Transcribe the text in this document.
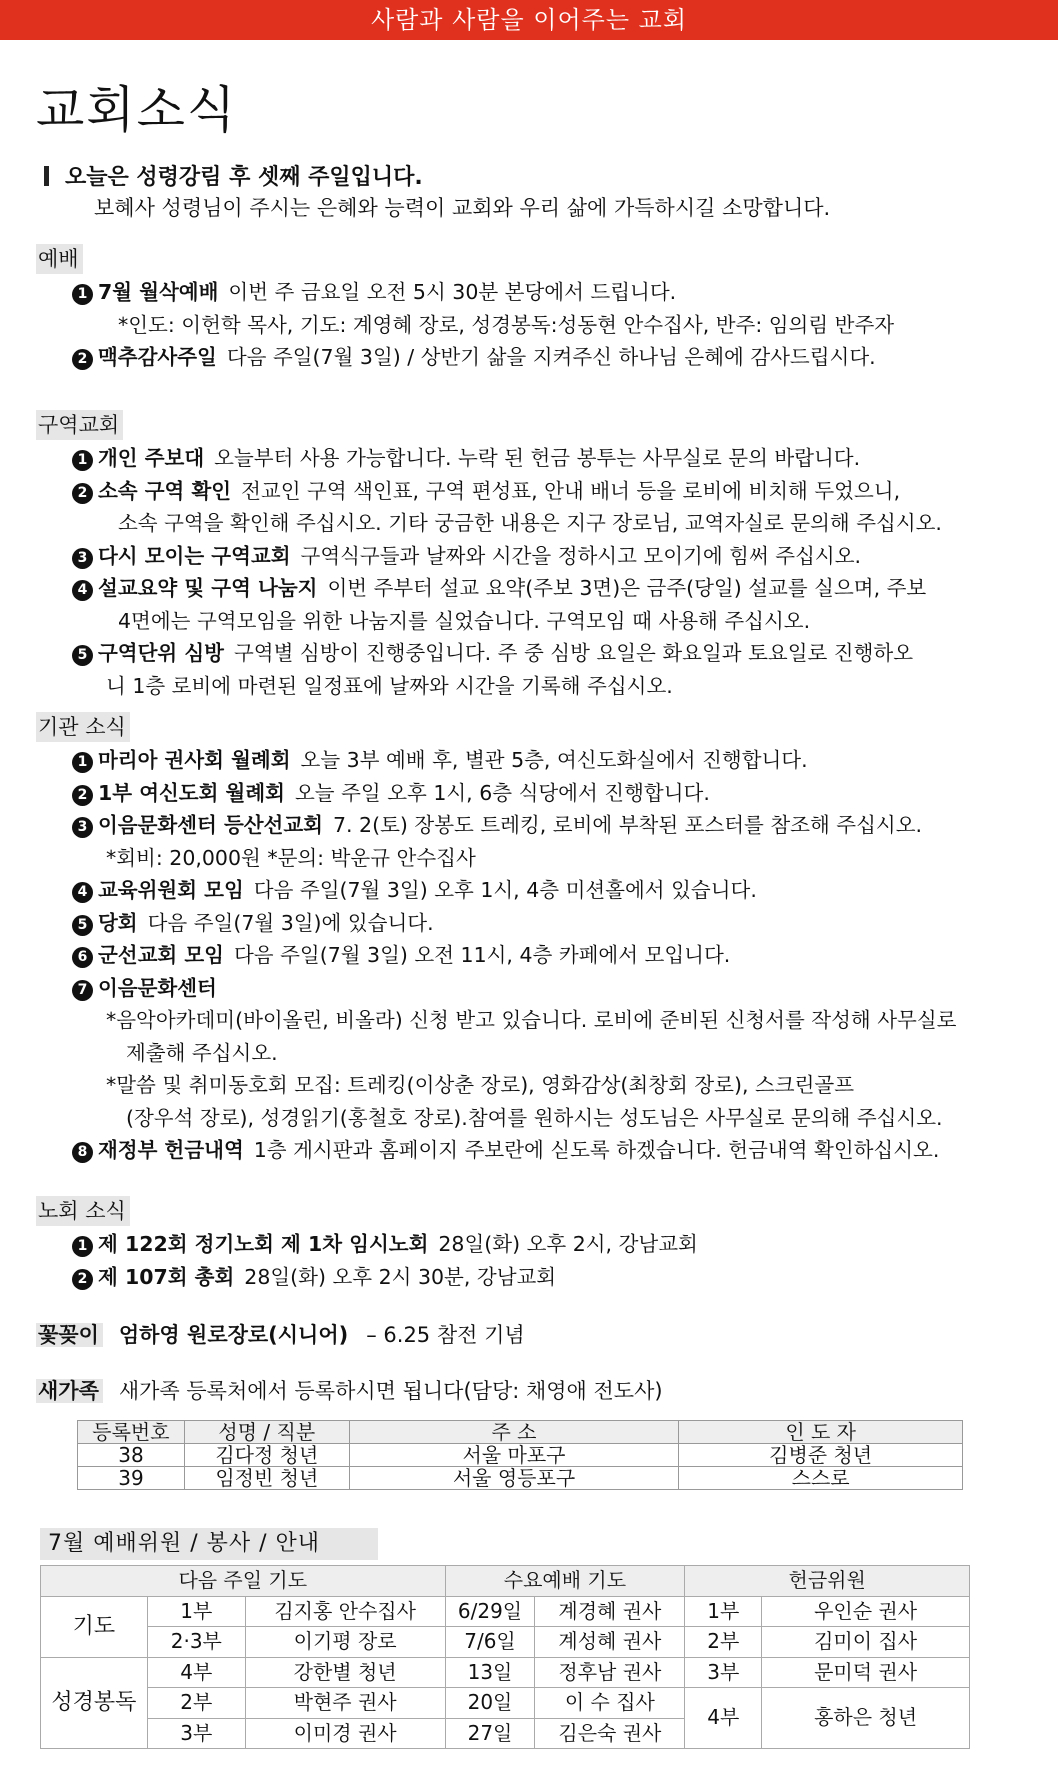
사람과 사람을 이어주는 교회
교회소식
오늘은 성령강림 후 셋째 주일입니다.
보혜사 성령님이 주시는 은혜와 능력이 교회와 우리 삶에 가득하시길 소망합니다.
예배
1 7월 월삭예배 이번 주 금요일 오전 5시 30분 본당에서 드립니다.
*인도: 이헌학 목사, 기도: 계영혜 장로, 성경봉독:성동현 안수집사, 반주: 임의림 반주자
2 맥추감사주일 다음 주일(7월 3일) / 상반기 삶을 지켜주신 하나님 은혜에 감사드립시다.
구역교회
1 개인 주보대 오늘부터 사용 가능합니다. 누락 된 헌금 봉투는 사무실로 문의 바랍니다.
2 소속 구역 확인 전교인 구역 색인표, 구역 편성표, 안내 배너 등을 로비에 비치해 두었으니,
소속 구역을 확인해 주십시오. 기타 궁금한 내용은 지구 장로님, 교역자실로 문의해 주십시오.
3 다시 모이는 구역교회 구역식구들과 날짜와 시간을 정하시고 모이기에 힘써 주십시오.
4 설교요약 및 구역 나눔지 이번 주부터 설교 요약(주보 3면)은 금주(당일) 설교를 실으며, 주보
4면에는 구역모임을 위한 나눔지를 실었습니다. 구역모임 때 사용해 주십시오.
5 구역단위 심방 구역별 심방이 진행중입니다. 주 중 심방 요일은 화요일과 토요일로 진행하오
니 1층 로비에 마련된 일정표에 날짜와 시간을 기록해 주십시오.
기관 소식
1 마리아 권사회 월례회 오늘 3부 예배 후, 별관 5층, 여신도화실에서 진행합니다.
2 1부 여신도회 월례회 오늘 주일 오후 1시, 6층 식당에서 진행합니다.
3 이음문화센터 등산선교회 7. 2(토) 장봉도 트레킹, 로비에 부착된 포스터를 참조해 주십시오.
*회비: 20,000원 *문의: 박운규 안수집사
4 교육위원회 모임 다음 주일(7월 3일) 오후 1시, 4층 미션홀에서 있습니다.
5 당회 다음 주일(7월 3일)에 있습니다.
6 군선교회 모임 다음 주일(7월 3일) 오전 11시, 4층 카페에서 모입니다.
7 이음문화센터
*음악아카데미(바이올린, 비올라) 신청 받고 있습니다. 로비에 준비된 신청서를 작성해 사무실로
제출해 주십시오.
*말씀 및 취미동호회 모집: 트레킹(이상춘 장로), 영화감상(최창회 장로), 스크린골프
(장우석 장로), 성경읽기(홍철호 장로).참여를 원하시는 성도님은 사무실로 문의해 주십시오.
8 재정부 헌금내역 1층 게시판과 홈페이지 주보란에 싣도록 하겠습니다. 헌금내역 확인하십시오.
노회 소식
1 제 122회 정기노회 제 1차 임시노회 28일(화) 오후 2시, 강남교회
2 제 107회 총회 28일(화) 오후 2시 30분, 강남교회
꽃꽂이 엄하영 원로장로(시니어) – 6.25 참전 기념
새가족 새가족 등록처에서 등록하시면 됩니다(담당: 채영애 전도사)
등록번호	성명 / 직분	주 소	인 도 자
38	김다정 청년	서울 마포구	김병준 청년
39	임정빈 청년	서울 영등포구	스스로
7월 예배위원 / 봉사 / 안내
다음 주일 기도			수요예배 기도		헌금위원	
기도	1부	김지홍 안수집사	6/29일	계경혜 권사	1부	우인순 권사
	2·3부	이기평 장로	7/6일	계성혜 권사	2부	김미이 집사
성경봉독	4부	강한별 청년	13일	정후남 권사	3부	문미덕 권사
	2부	박현주 권사	20일	이 수 집사	4부	홍하은 청년
	3부	이미경 권사	27일	김은숙 권사		
